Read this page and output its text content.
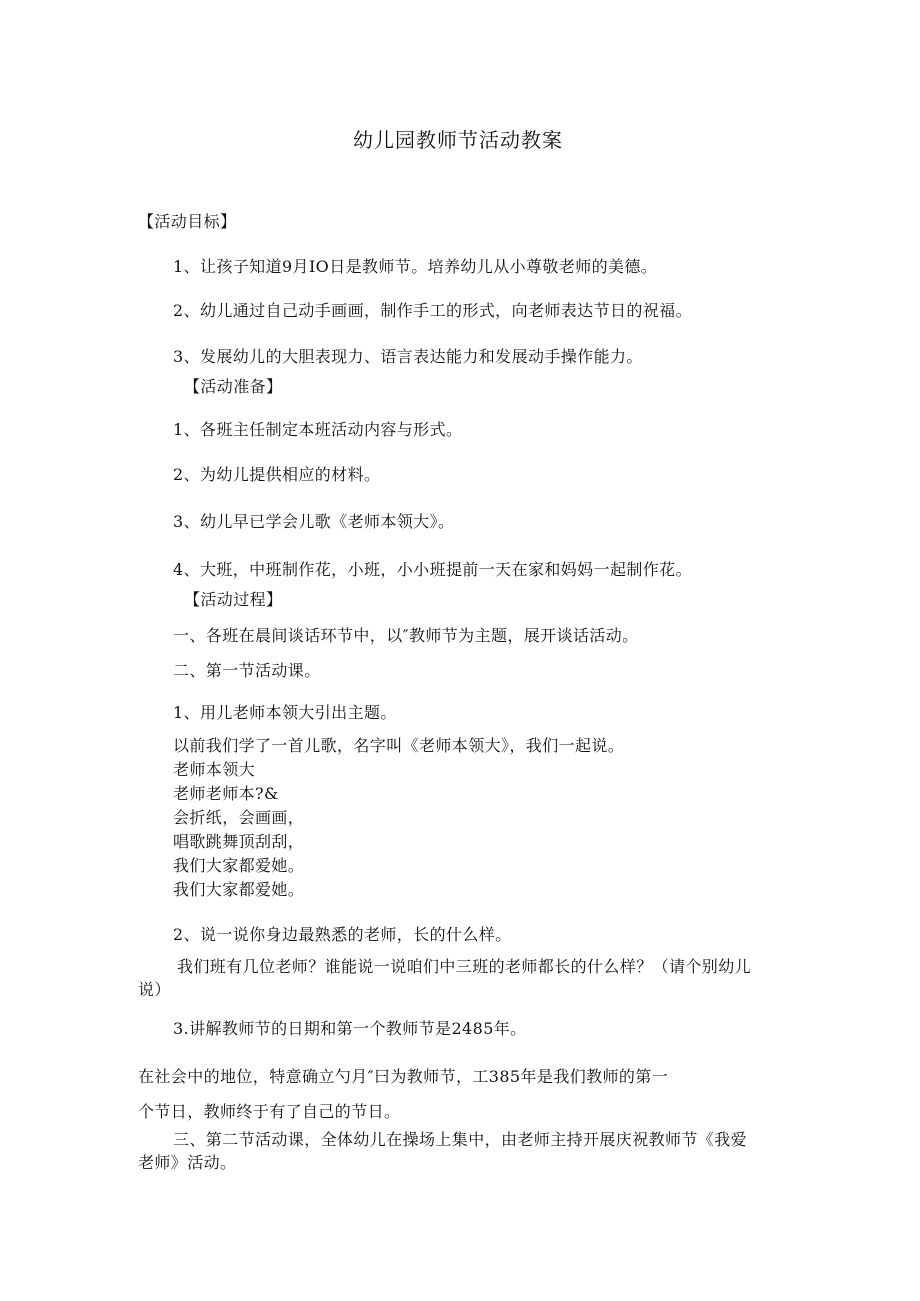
幼儿园教师节活动教案
【活动目标】
1、让孩子知道9月IO日是教师节。培养幼儿从小尊敬老师的美德。
2、幼儿通过自己动手画画，制作手工的形式，向老师表达节日的祝福。
3、发展幼儿的大胆表现力、语言表达能力和发展动手操作能力。
【活动准备】
1、各班主任制定本班活动内容与形式。
2、为幼儿提供相应的材料。
3、幼儿早已学会儿歌《老师本领大》。
4、大班，中班制作花，小班，小小班提前一天在家和妈妈一起制作花。
【活动过程】
一、各班在晨间谈话环节中，以″教师节为主题，展开谈话活动。
二、第一节活动课。
1、用儿老师本领大引出主题。
以前我们学了一首儿歌，名字叫《老师本领大》，我们一起说。
老师本领大
老师老师本?&
会折纸，会画画，
唱歌跳舞顶刮刮，
我们大家都爱她。
我们大家都爱她。
2、说一说你身边最熟悉的老师，长的什么样。
我们班有几位老师？谁能说一说咱们中三班的老师都长的什么样？（请个别幼儿
说）
3.讲解教师节的日期和第一个教师节是2485年。
在社会中的地位，特意确立勺月″曰为教师节，工385年是我们教师的第一
个节日，教师终于有了自己的节日。
三、第二节活动课，全体幼儿在操场上集中，由老师主持开展庆祝教师节《我爱
老师》活动。
